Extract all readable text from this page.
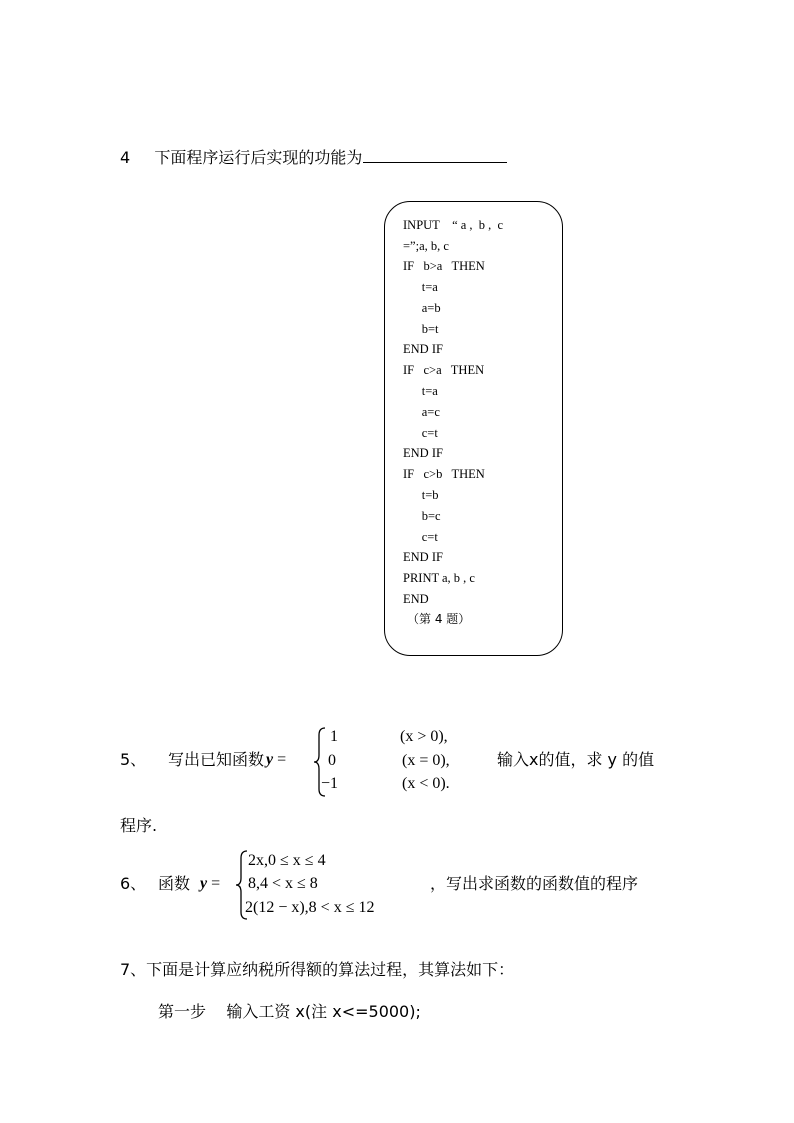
4 下面程序运行后实现的功能为
INPUT    “ a ,  b ,  c
=”;a, b, c
IF   b>a   THEN
t=a
a=b
b=t
END IF
IF   c>a   THEN
t=a
a=c
c=t
END IF
IF   c>b   THEN
t=b
b=c
c=t
END IF
PRINT a, b , c
END
（第 4 题）
5、 写出已知函数 y =
1
0
−1
(x > 0),
(x = 0),
(x < 0).
输入x的值，求 y 的值
程序.
6、 函数 y =
2x,0 ≤ x ≤ 4
8,4 < x ≤ 8
2(12 − x),8 < x ≤ 12
，写出求函数的函数值的程序
7、下面是计算应纳税所得额的算法过程，其算法如下：
第一步    输入工资 x(注 x<=5000);
